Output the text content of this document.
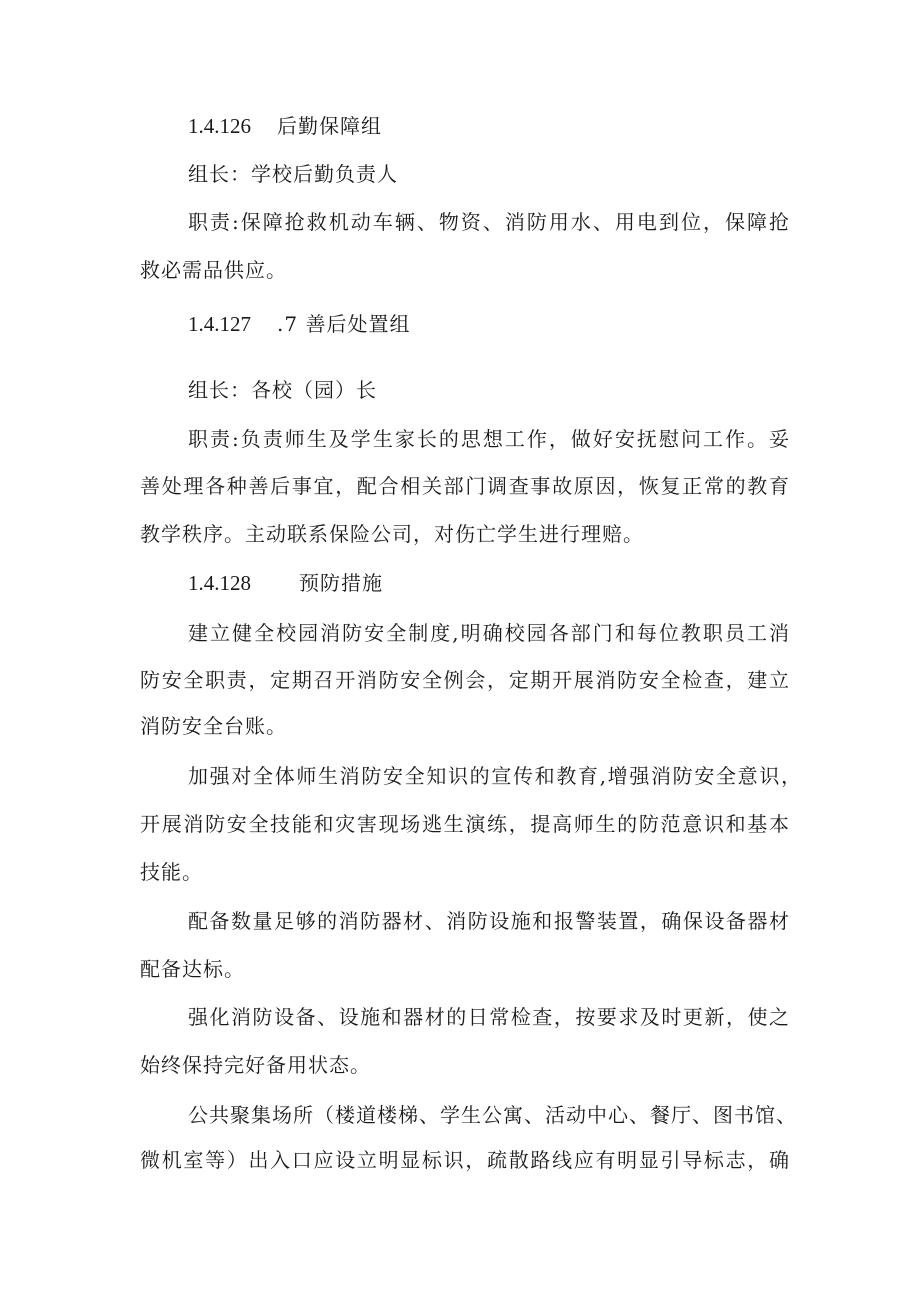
1.4.126 后勤保障组
组长：学校后勤负责人
职责:保障抢救机动车辆、物资、消防用水、用电到位，保障抢
救必需品供应。
1.4.127 .7 善后处置组
组长：各校（园）长
职责:负责师生及学生家长的思想工作，做好安抚慰问工作。妥
善处理各种善后事宜，配合相关部门调查事故原因，恢复正常的教育
教学秩序。主动联系保险公司，对伤亡学生进行理赔。
1.4.128 预防措施
建立健全校园消防安全制度,明确校园各部门和每位教职员工消
防安全职责，定期召开消防安全例会，定期开展消防安全检查，建立
消防安全台账。
加强对全体师生消防安全知识的宣传和教育,增强消防安全意识，
开展消防安全技能和灾害现场逃生演练，提高师生的防范意识和基本
技能。
配备数量足够的消防器材、消防设施和报警装置，确保设备器材
配备达标。
强化消防设备、设施和器材的日常检查，按要求及时更新，使之
始终保持完好备用状态。
公共聚集场所（楼道楼梯、学生公寓、活动中心、餐厅、图书馆、
微机室等）出入口应设立明显标识，疏散路线应有明显引导标志，确
